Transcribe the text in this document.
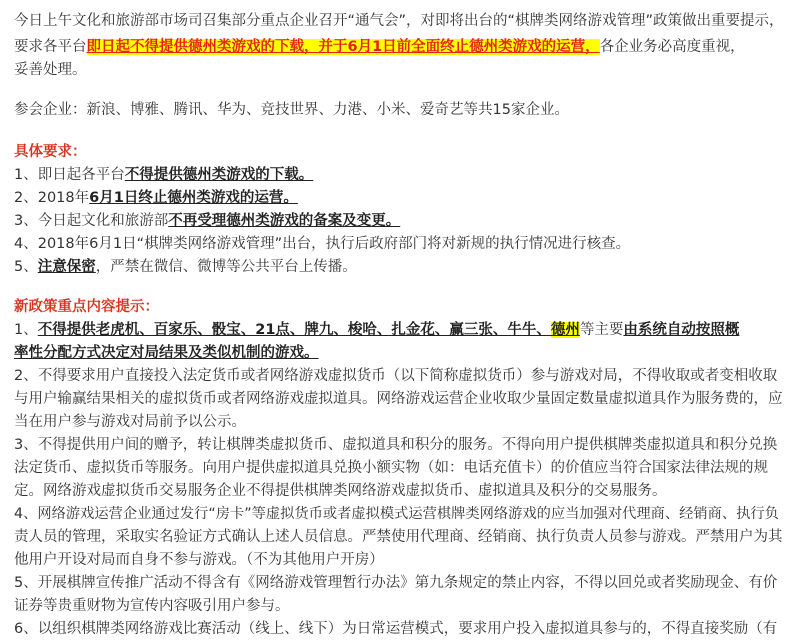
今日上午文化和旅游部市场司召集部分重点企业召开“通气会”，对即将出台的“棋牌类网络游戏管理”政策做出重要提示，
要求各平台即日起不得提供德州类游戏的下载，并于6月1日前全面终止德州类游戏的运营，各企业务必高度重视，
妥善处理。
参会企业：新浪、博雅、腾讯、华为、竞技世界、力港、小米、爱奇艺等共15家企业。
具体要求：
1、即日起各平台不得提供德州类游戏的下载。
2、2018年6月1日终止德州类游戏的运营。
3、今日起文化和旅游部不再受理德州类游戏的备案及变更。
4、2018年6月1日“棋牌类网络游戏管理”出台，执行后政府部门将对新规的执行情况进行核查。
5、注意保密，严禁在微信、微博等公共平台上传播。
新政策重点内容提示：
1、不得提供老虎机、百家乐、骰宝、21点、牌九、梭哈、扎金花、赢三张、牛牛、德州等主要由系统自动按照概
率性分配方式决定对局结果及类似机制的游戏。
2、不得要求用户直接投入法定货币或者网络游戏虚拟货币（以下简称虚拟货币）参与游戏对局，不得收取或者变相收取
与用户输赢结果相关的虚拟货币或者网络游戏虚拟道具。网络游戏运营企业收取少量固定数量虚拟道具作为服务费的，应
当在用户参与游戏对局前予以公示。
3、不得提供用户间的赠予，转让棋牌类虚拟货币、虚拟道具和积分的服务。不得向用户提供棋牌类虚拟道具和积分兑换
法定货币、虚拟货币等服务。向用户提供虚拟道具兑换小额实物（如：电话充值卡）的价值应当符合国家法律法规的规
定。网络游戏虚拟货币交易服务企业不得提供棋牌类网络游戏虚拟货币、虚拟道具及积分的交易服务。
4、网络游戏运营企业通过发行“房卡”等虚拟货币或者虚拟模式运营棋牌类网络游戏的应当加强对代理商、经销商、执行负
责人员的管理，采取实名验证方式确认上述人员信息。严禁使用代理商、经销商、执行负责人员参与游戏。严禁用户为其
他用户开设对局而自身不参与游戏。（不为其他用户开房）
5、开展棋牌宣传推广活动不得含有《网络游戏管理暂行办法》第九条规定的禁止内容，不得以回兑或者奖励现金、有价
证券等贵重财物为宣传内容吸引用户参与。
6、以组织棋牌类网络游戏比赛活动（线上、线下）为日常运营模式，要求用户投入虚拟道具参与的，不得直接奖励（有
